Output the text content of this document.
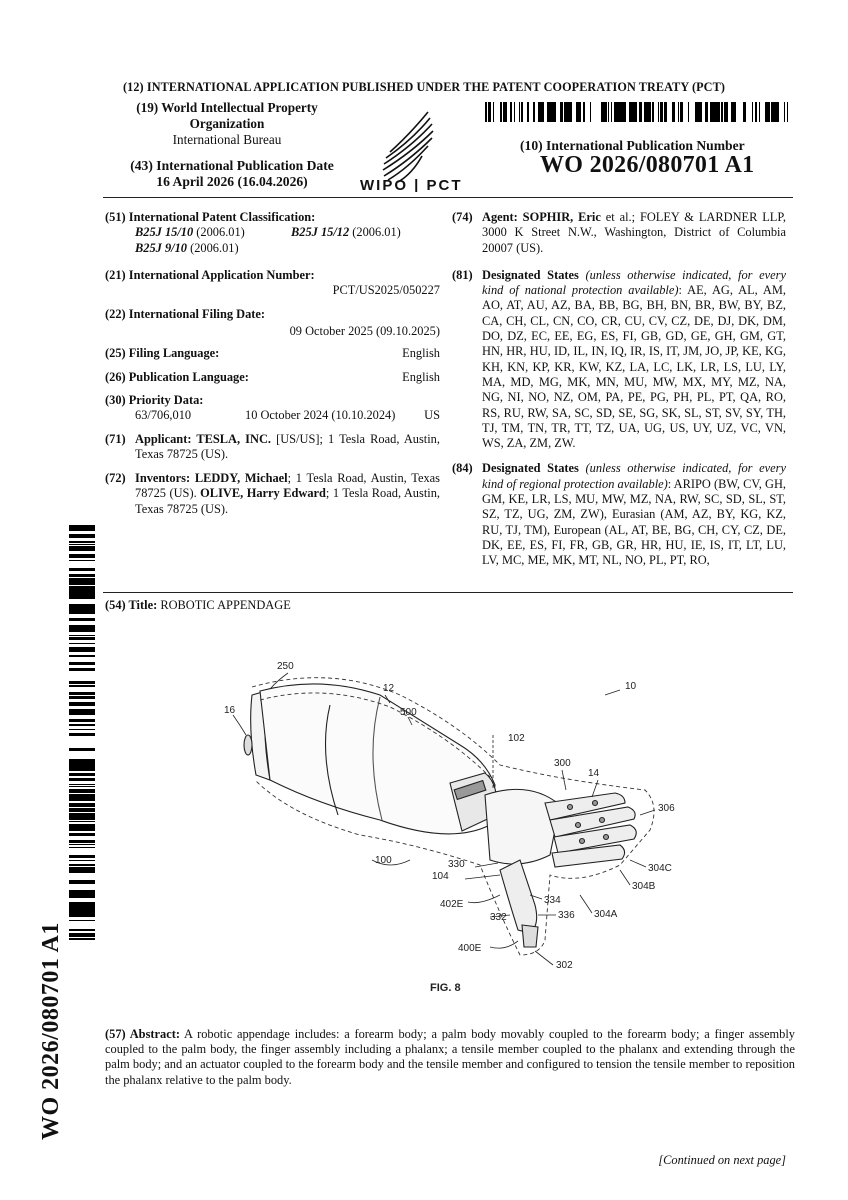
(12) INTERNATIONAL APPLICATION PUBLISHED UNDER THE PATENT COOPERATION TREATY (PCT)
(19) World Intellectual Property
Organization
International Bureau
(43) International Publication Date
16 April 2026 (16.04.2026)	WIPO | PCT
(10) International Publication Number
WO 2026/080701 A1
(51) International Patent Classification:
B25J 15/10 (2006.01)	B25J 15/12 (2006.01)
B25J 9/10 (2006.01)
(21) International Application Number:
PCT/US2025/050227
(22) International Filing Date:
09 October 2025 (09.10.2025)
(25) Filing Language:	English
(26) Publication Language:	English
(30) Priority Data:
63/706,010	10 October 2024 (10.10.2024) US
(71) Applicant: TESLA, INC. [US/US]; 1 Tesla Road, Austin, Texas 78725 (US).
(72) Inventors: LEDDY, Michael; 1 Tesla Road, Austin, Texas 78725 (US). OLIVE, Harry Edward; 1 Tesla Road, Austin, Texas 78725 (US).
(74) Agent: SOPHIR, Eric et al.; FOLEY & LARDNER LLP, 3000 K Street N.W., Washington, District of Columbia 20007 (US).
(81) Designated States (unless otherwise indicated, for every kind of national protection available): AE, AG, AL, AM, AO, AT, AU, AZ, BA, BB, BG, BH, BN, BR, BW, BY, BZ, CA, CH, CL, CN, CO, CR, CU, CV, CZ, DE, DJ, DK, DM, DO, DZ, EC, EE, EG, ES, FI, GB, GD, GE, GH, GM, GT, HN, HR, HU, ID, IL, IN, IQ, IR, IS, IT, JM, JO, JP, KE, KG, KH, KN, KP, KR, KW, KZ, LA, LC, LK, LR, LS, LU, LY, MA, MD, MG, MK, MN, MU, MW, MX, MY, MZ, NA, NG, NI, NO, NZ, OM, PA, PE, PG, PH, PL, PT, QA, RO, RS, RU, RW, SA, SC, SD, SE, SG, SK, SL, ST, SV, SY, TH, TJ, TM, TN, TR, TT, TZ, UA, UG, US, UY, UZ, VC, VN, WS, ZA, ZM, ZW.
(84) Designated States (unless otherwise indicated, for every kind of regional protection available): ARIPO (BW, CV, GH, GM, KE, LR, LS, MU, MW, MZ, NA, RW, SC, SD, SL, ST, SZ, TZ, UG, ZM, ZW), Eurasian (AM, AZ, BY, KG, KZ, RU, TJ, TM), European (AL, AT, BE, BG, CH, CY, CZ, DE, DK, EE, ES, FI, FR, GB, GR, HR, HU, IE, IS, IT, LT, LU, LV, MC, ME, MK, MT, NL, NO, PL, PT, RO,
(54) Title: ROBOTIC APPENDAGE
250
12	10
16	500
102
300
14
306
304C
304B
304A
100	330
104
402E	334
336
332
400E
302
FIG. 8
(57) Abstract: A robotic appendage includes: a forearm body; a palm body movably coupled to the forearm body; a finger assembly coupled to the palm body, the finger assembly including a phalanx; a tensile member coupled to the phalanx and extending through the palm body; and an actuator coupled to the forearm body and the tensile member and configured to tension the tensile member to reposition the phalanx relative to the palm body.
[Continued on next page]
WO 2026/080701 A1
